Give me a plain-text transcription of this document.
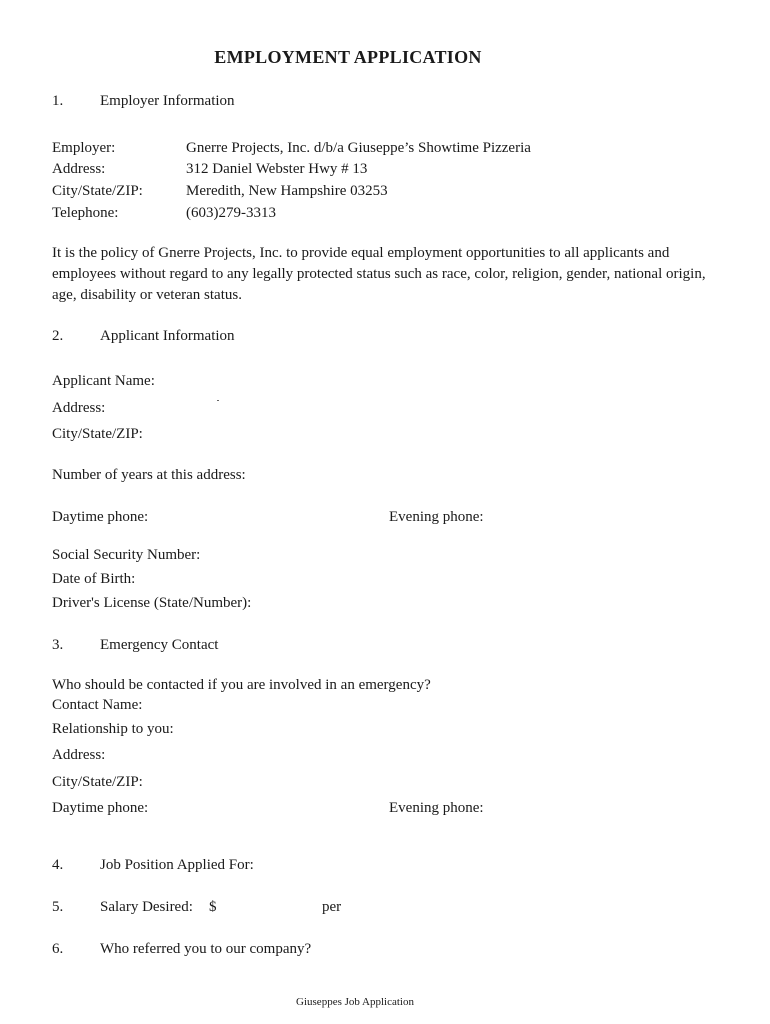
EMPLOYMENT APPLICATION
1. Employer Information
Employer:	Gnerre Projects, Inc. d/b/a Giuseppe’s Showtime Pizzeria
Address:	312 Daniel Webster Hwy # 13
City/State/ZIP:	Meredith, New Hampshire 03253
Telephone:	(603)279-3313
It is the policy of Gnerre Projects, Inc. to provide equal employment opportunities to all applicants and employees without regard to any legally protected status such as race, color, religion, gender, national origin, age, disability or veteran status.
2. Applicant Information
Applicant Name:
Address:
City/State/ZIP:
Number of years at this address:
Daytime phone:	Evening phone:
Social Security Number:
Date of Birth:
Driver's License (State/Number):
3. Emergency Contact
Who should be contacted if you are involved in an emergency?
Contact Name:
Relationship to you:
Address:
City/State/ZIP:
Daytime phone:	Evening phone:
4. Job Position Applied For:
5. Salary Desired: $	per
6. Who referred you to our company?
Giuseppes Job Application
